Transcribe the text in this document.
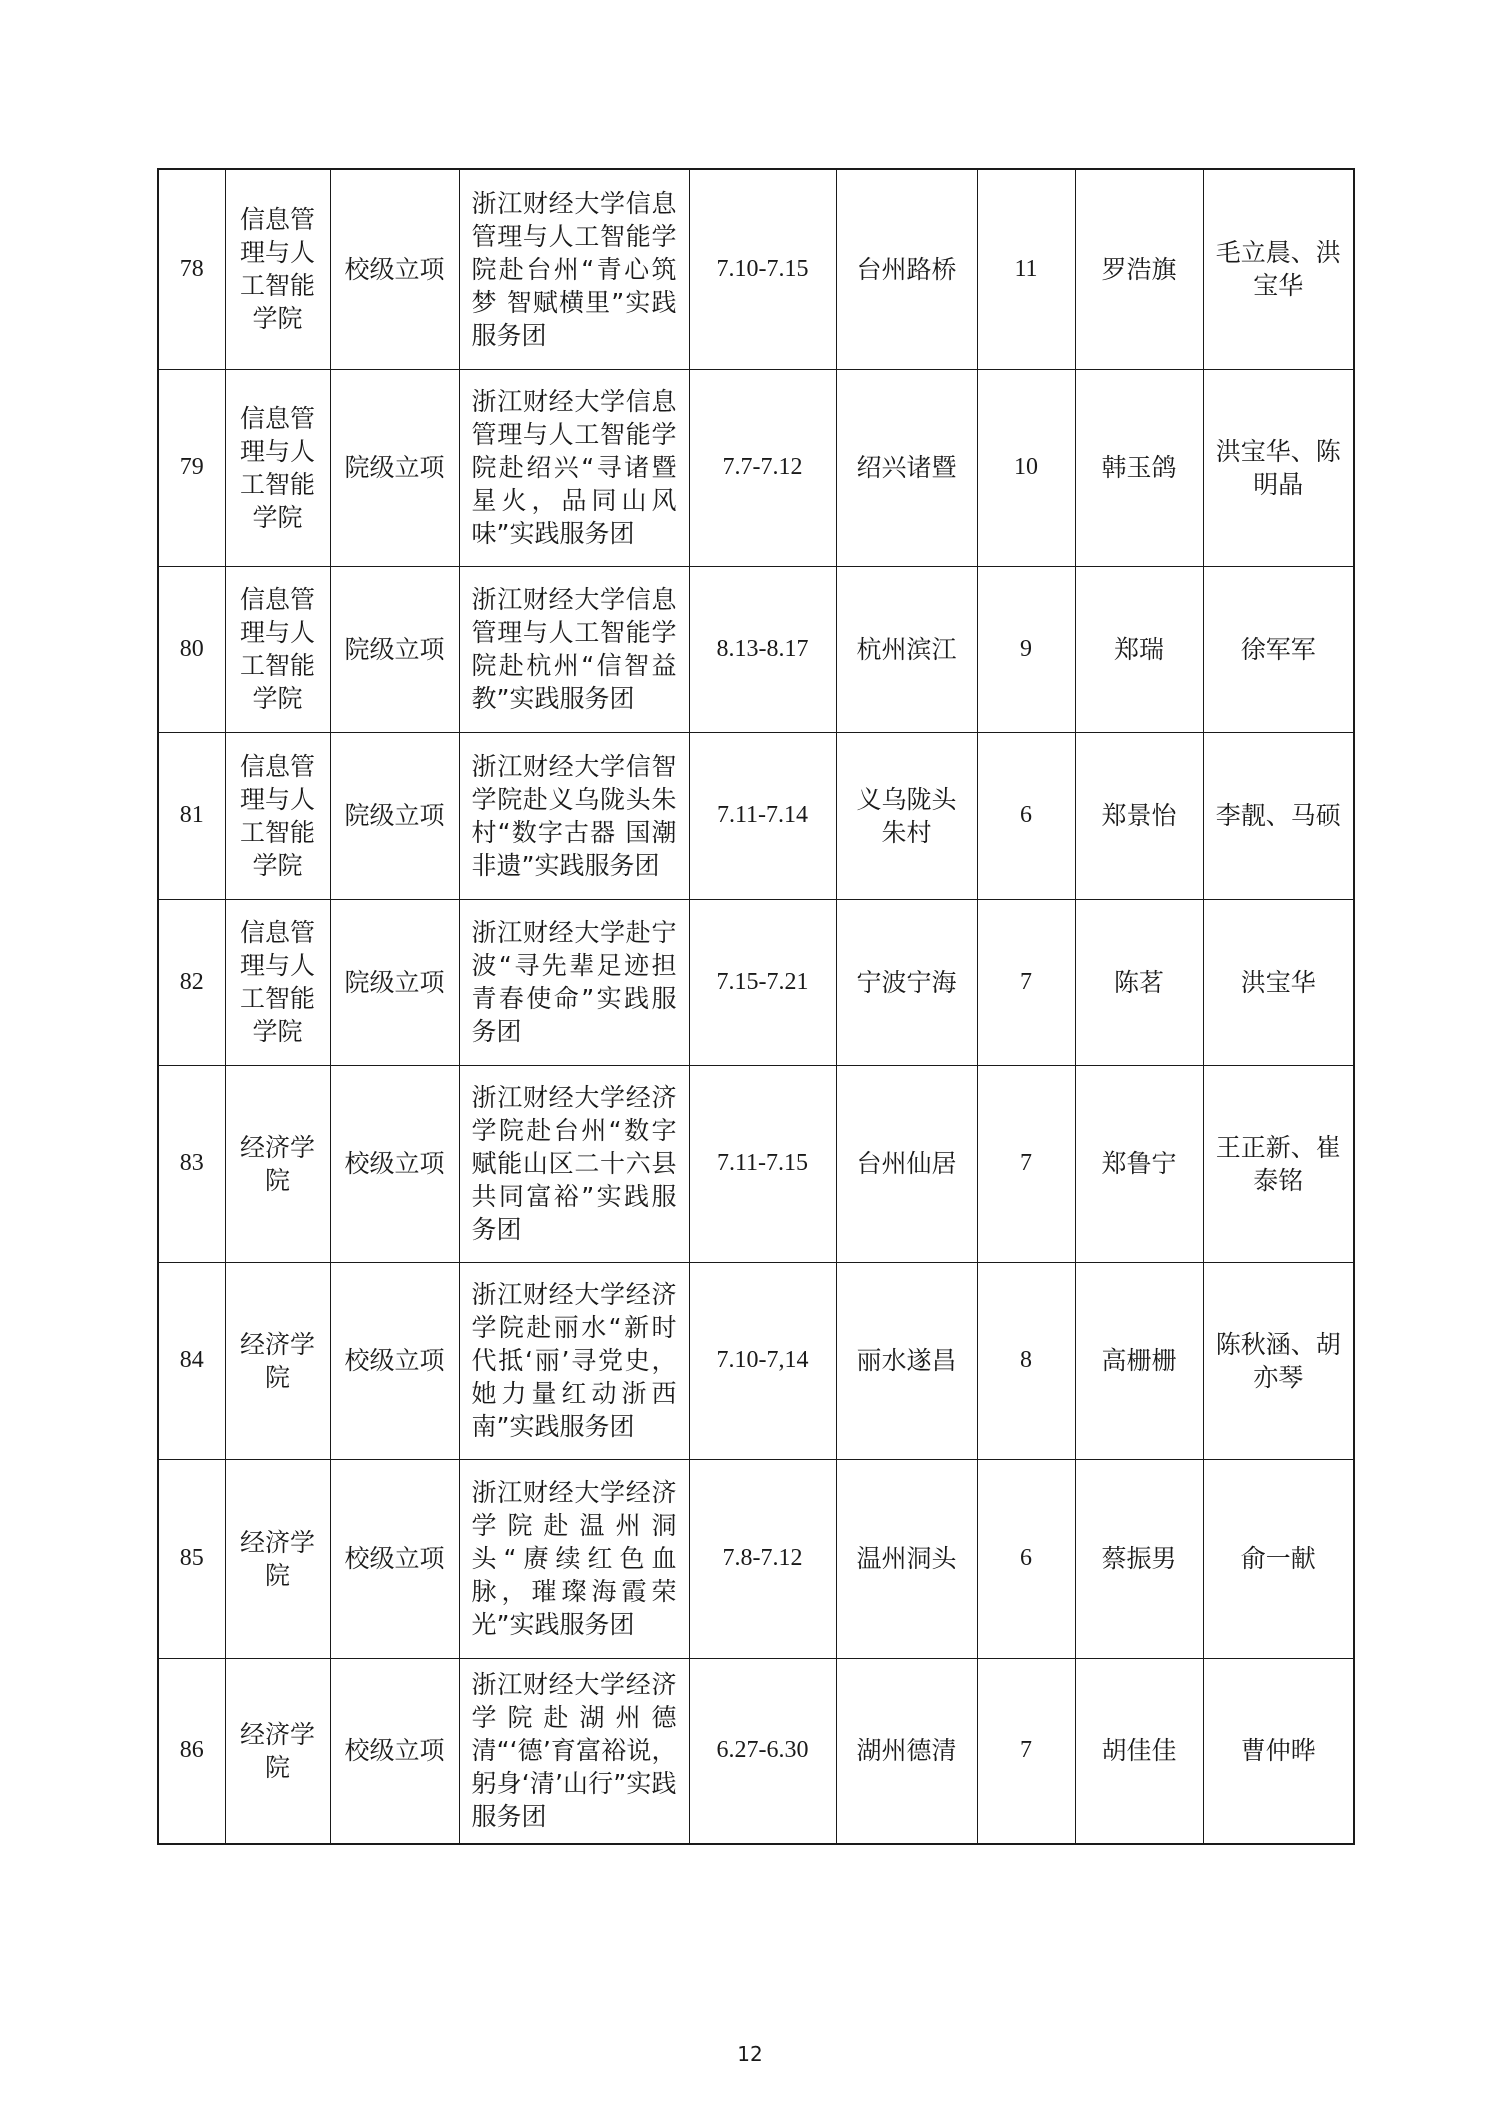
78	信息管理与人工智能学院	校级立项	浙江财经大学信息管理与人工智能学院赴台州“青心筑梦 智赋横里”实践服务团	7.10-7.15	台州路桥	11	罗浩旗	毛立晨、洪宝华
79	信息管理与人工智能学院	院级立项	浙江财经大学信息管理与人工智能学院赴绍兴“寻诸暨星火，品同山风味”实践服务团	7.7-7.12	绍兴诸暨	10	韩玉鸽	洪宝华、陈明晶
80	信息管理与人工智能学院	院级立项	浙江财经大学信息管理与人工智能学院赴杭州“信智益教”实践服务团	8.13-8.17	杭州滨江	9	郑瑞	徐军军
81	信息管理与人工智能学院	院级立项	浙江财经大学信智学院赴义乌陇头朱村“数字古器 国潮非遗”实践服务团	7.11-7.14	义乌陇头朱村	6	郑景怡	李靓、马硕
82	信息管理与人工智能学院	院级立项	浙江财经大学赴宁波“寻先辈足迹担青春使命”实践服务团	7.15-7.21	宁波宁海	7	陈茗	洪宝华
83	经济学院	校级立项	浙江财经大学经济学院赴台州“数字赋能山区二十六县共同富裕”实践服务团	7.11-7.15	台州仙居	7	郑鲁宁	王正新、崔泰铭
84	经济学院	校级立项	浙江财经大学经济学院赴丽水“新时代抵‘丽’寻党史，她力量红动浙西南”实践服务团	7.10-7,14	丽水遂昌	8	高栅栅	陈秋涵、胡亦琴
85	经济学院	校级立项	浙江财经大学经济学院赴温州洞头“赓续红色血脉，璀璨海霞荣光”实践服务团	7.8-7.12	温州洞头	6	蔡振男	俞一献
86	经济学院	校级立项	浙江财经大学经济学院赴湖州德清“‘德’育富裕说，躬身‘清’山行”实践服务团	6.27-6.30	湖州德清	7	胡佳佳	曹仲晔
12
